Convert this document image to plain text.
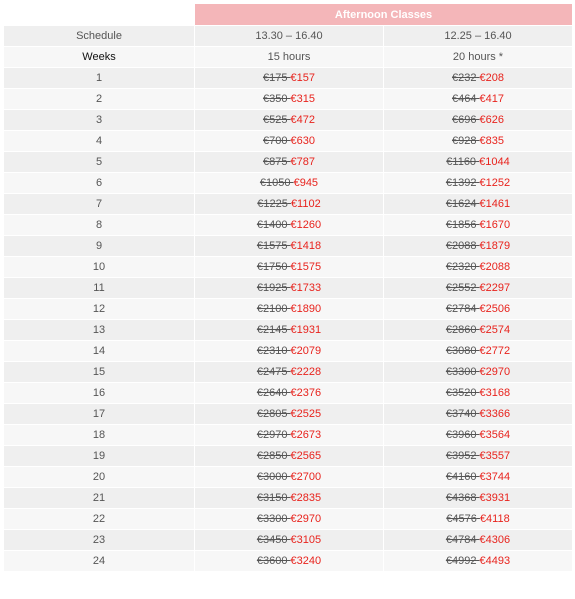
	Afternoon Classes	
Schedule	13.30 – 16.40	12.25 – 16.40
Weeks	15 hours	20 hours *
1	€175 €157	€232 €208
2	€350 €315	€464 €417
3	€525 €472	€696 €626
4	€700 €630	€928 €835
5	€875 €787	€1160 €1044
6	€1050 €945	€1392 €1252
7	€1225 €1102	€1624 €1461
8	€1400 €1260	€1856 €1670
9	€1575 €1418	€2088 €1879
10	€1750 €1575	€2320 €2088
11	€1925 €1733	€2552 €2297
12	€2100 €1890	€2784 €2506
13	€2145 €1931	€2860 €2574
14	€2310 €2079	€3080 €2772
15	€2475 €2228	€3300 €2970
16	€2640 €2376	€3520 €3168
17	€2805 €2525	€3740 €3366
18	€2970 €2673	€3960 €3564
19	€2850 €2565	€3952 €3557
20	€3000 €2700	€4160 €3744
21	€3150 €2835	€4368 €3931
22	€3300 €2970	€4576 €4118
23	€3450 €3105	€4784 €4306
24	€3600 €3240	€4992 €4493
